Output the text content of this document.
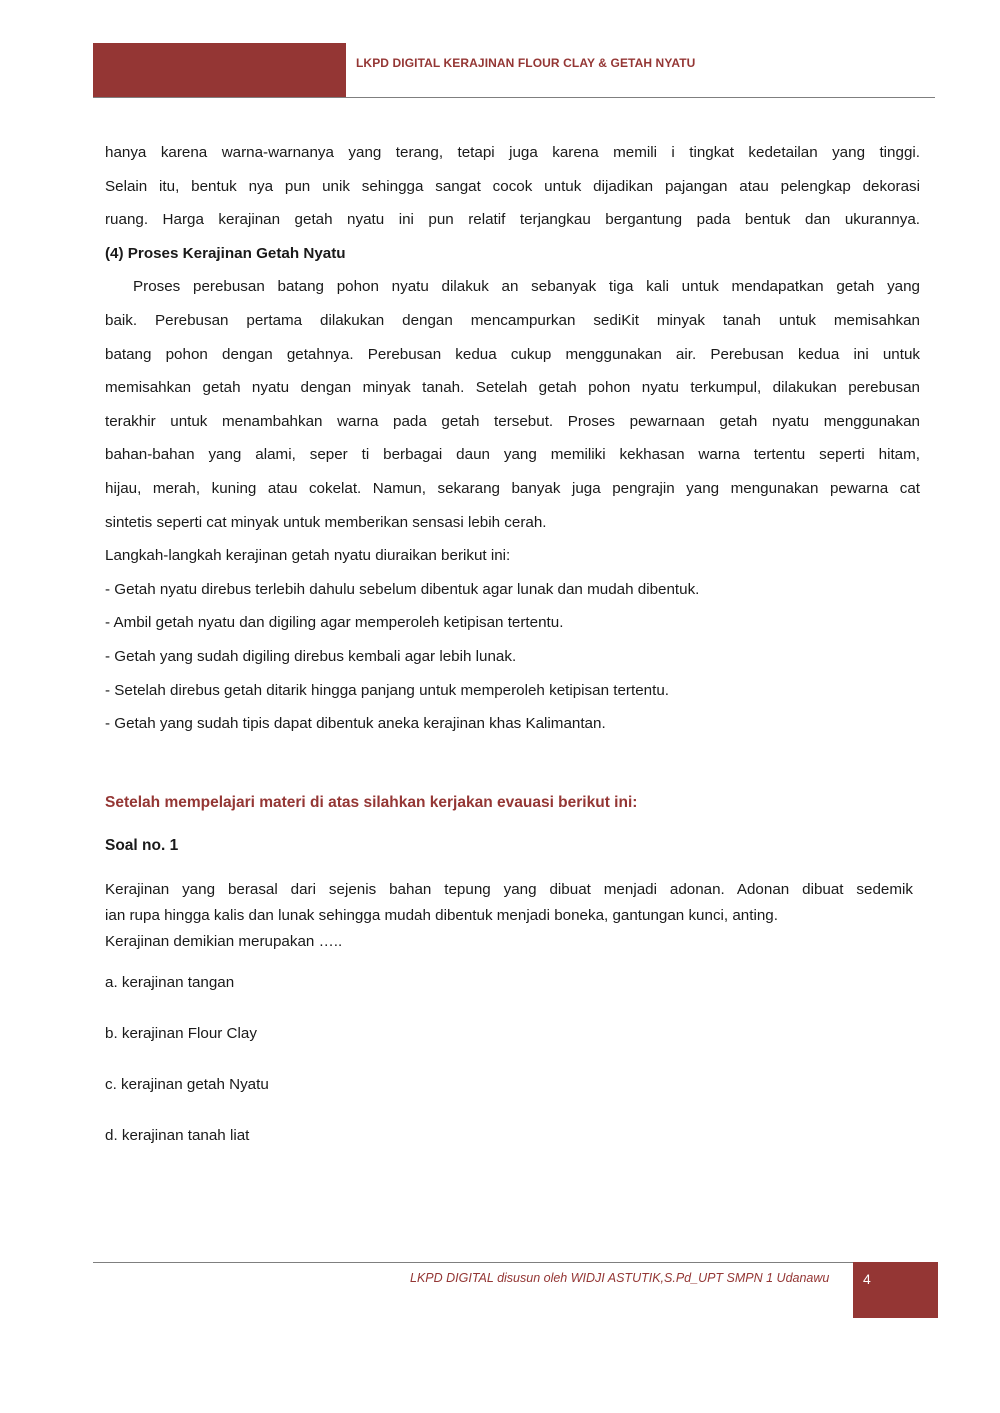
LKPD DIGITAL KERAJINAN FLOUR CLAY & GETAH NYATU
hanya karena warna-warnanya yang terang, tetapi juga karena memili i tingkat kedetailan yang tinggi.
Selain itu, bentuk nya pun unik sehingga sangat cocok untuk dijadikan pajangan atau pelengkap dekorasi
ruang. Harga kerajinan getah nyatu ini pun relatif terjangkau bergantung pada bentuk dan ukurannya.
(4) Proses Kerajinan Getah Nyatu
Proses perebusan batang pohon nyatu dilakuk an sebanyak tiga kali untuk mendapatkan getah yang
baik. Perebusan pertama dilakukan dengan mencampurkan sediKit minyak tanah untuk memisahkan
batang pohon dengan getahnya. Perebusan kedua cukup menggunakan air. Perebusan kedua ini untuk
memisahkan getah nyatu dengan minyak tanah. Setelah getah pohon nyatu terkumpul, dilakukan perebusan
terakhir untuk menambahkan warna pada getah tersebut. Proses pewarnaan getah nyatu menggunakan
bahan-bahan yang alami, seper ti berbagai daun yang memiliki kekhasan warna tertentu seperti hitam,
hijau, merah, kuning atau cokelat. Namun, sekarang banyak juga pengrajin yang mengunakan pewarna cat
sintetis seperti cat minyak untuk memberikan sensasi lebih cerah.
Langkah-langkah kerajinan getah nyatu diuraikan berikut ini:
- Getah nyatu direbus terlebih dahulu sebelum dibentuk agar lunak dan mudah dibentuk.
- Ambil getah nyatu dan digiling agar memperoleh ketipisan tertentu.
- Getah yang sudah digiling direbus kembali agar lebih lunak.
- Setelah direbus getah ditarik hingga panjang untuk memperoleh ketipisan tertentu.
- Getah yang sudah tipis dapat dibentuk aneka kerajinan khas Kalimantan.
Setelah mempelajari materi di atas silahkan kerjakan evauasi berikut ini:
Soal no. 1
Kerajinan yang berasal dari sejenis bahan tepung yang dibuat menjadi adonan. Adonan dibuat sedemik
ian rupa hingga kalis dan lunak sehingga mudah dibentuk menjadi boneka, gantungan kunci, anting.
Kerajinan demikian merupakan …..
a. kerajinan tangan
b. kerajinan Flour Clay
c. kerajinan getah Nyatu
d. kerajinan tanah liat
LKPD DIGITAL disusun oleh WIDJI ASTUTIK,S.Pd_UPT SMPN 1 Udanawu 4
